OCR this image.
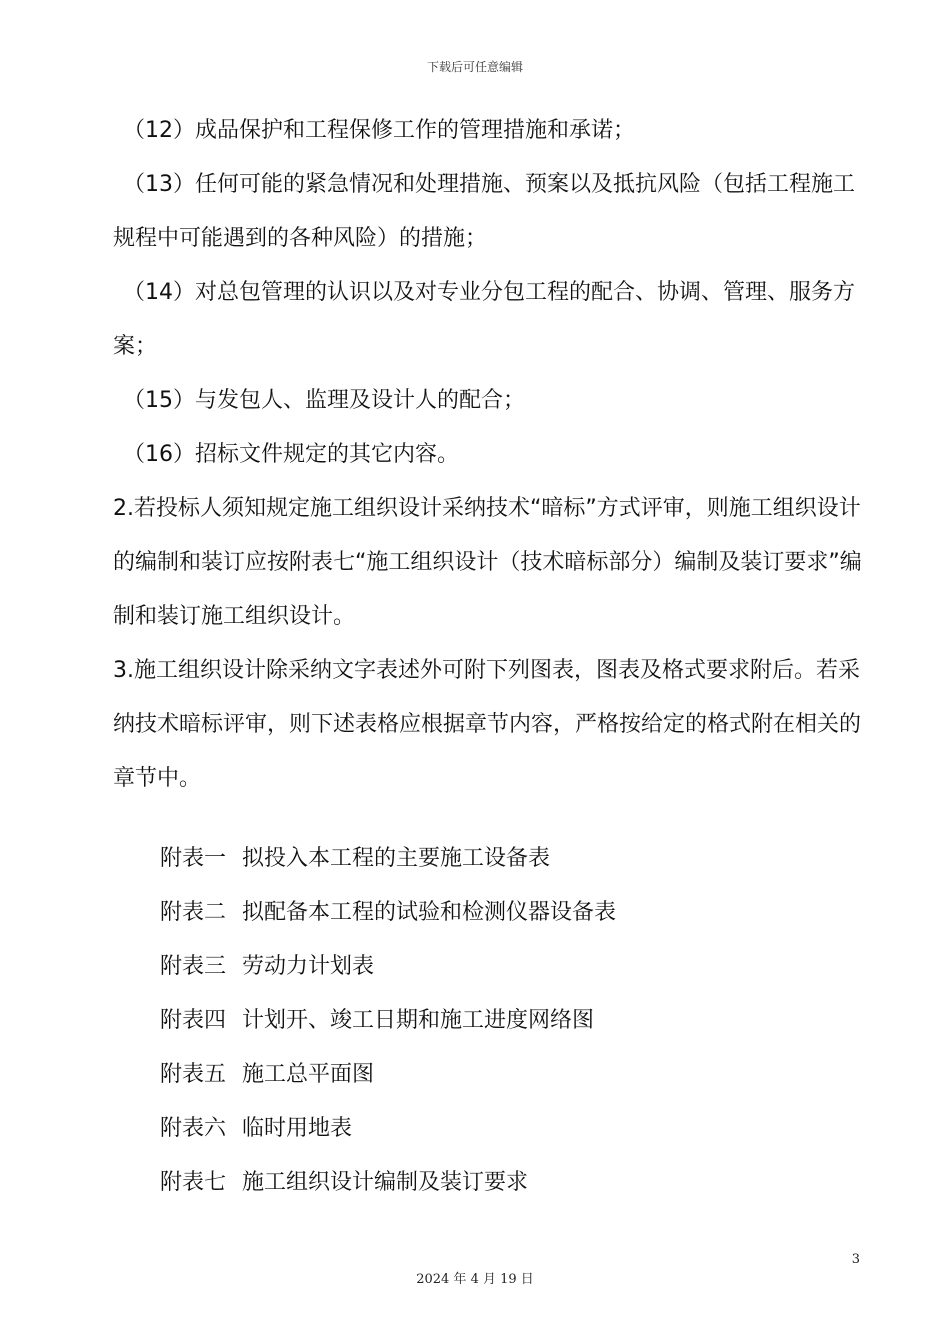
下载后可任意编辑

（12）成品保护和工程保修工作的管理措施和承诺；

（13）任何可能的紧急情况和处理措施、预案以及抵抗风险（包括工程施工规程中可能遇到的各种风险）的措施；

（14）对总包管理的认识以及对专业分包工程的配合、协调、管理、服务方案；

（15）与发包人、监理及设计人的配合；

（16）招标文件规定的其它内容。

2.若投标人须知规定施工组织设计采纳技术“暗标”方式评审，则施工组织设计的编制和装订应按附表七“施工组织设计（技术暗标部分）编制及装订要求”编制和装订施工组织设计。

3.施工组织设计除采纳文字表述外可附下列图表，图表及格式要求附后。若采纳技术暗标评审，则下述表格应根据章节内容，严格按给定的格式附在相关的章节中。

附表一 拟投入本工程的主要施工设备表
附表二 拟配备本工程的试验和检测仪器设备表
附表三 劳动力计划表
附表四 计划开、竣工日期和施工进度网络图
附表五 施工总平面图
附表六 临时用地表
附表七 施工组织设计编制及装订要求
3
2024 年 4 月 19 日
